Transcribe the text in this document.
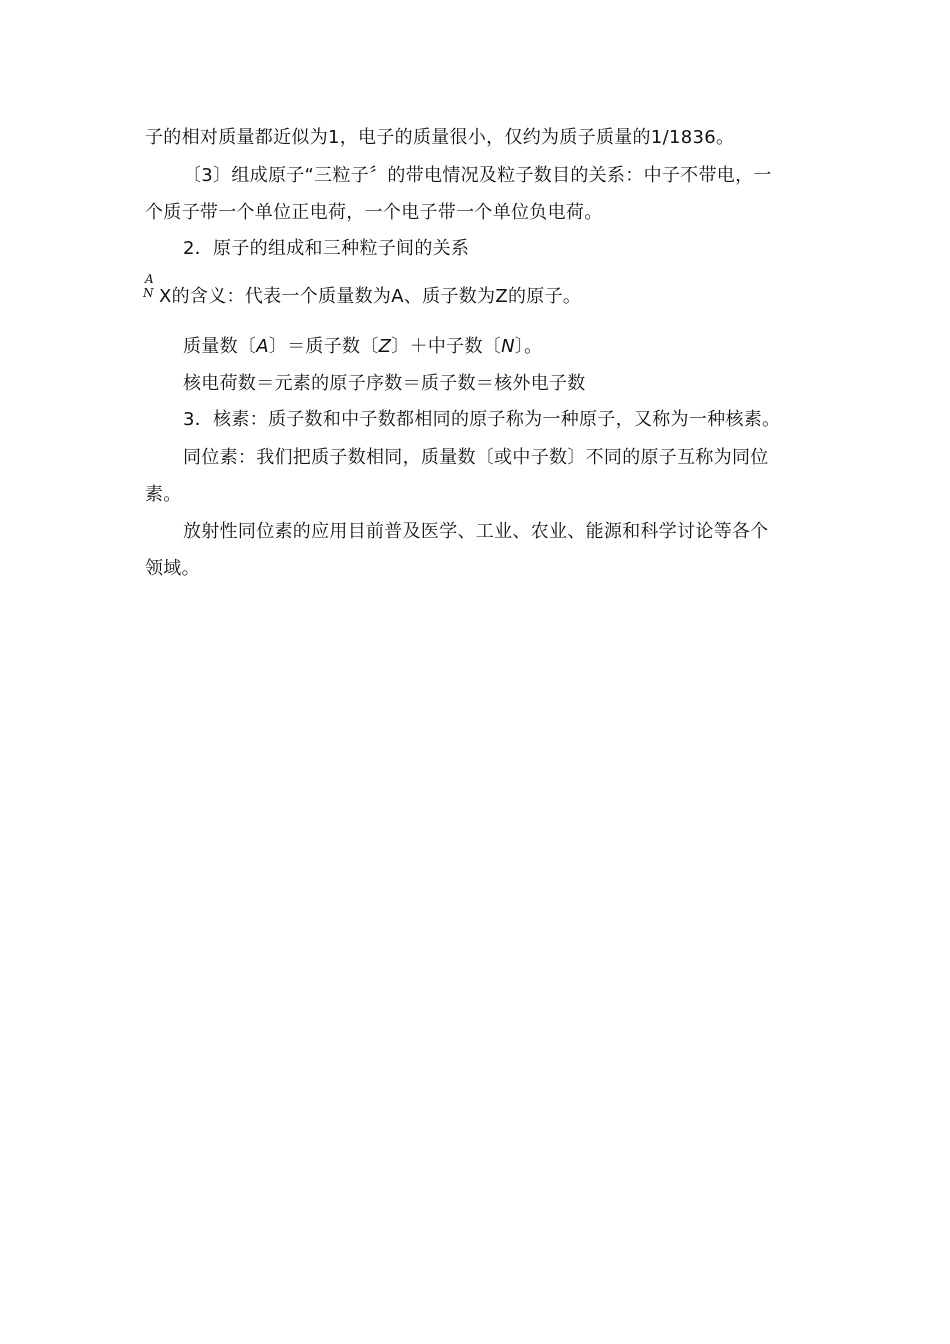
子的相对质量都近似为1，电子的质量很小，仅约为质子质量的1/1836。
〔3〕组成原子“三粒子〞的带电情况及粒子数目的关系：中子不带电，一
个质子带一个单位正电荷，一个电子带一个单位负电荷。
2．原子的组成和三种粒子间的关系
A
N X的含义：代表一个质量数为A、质子数为Z的原子。
质量数〔A〕＝质子数〔Z〕＋中子数〔N〕。
核电荷数＝元素的原子序数＝质子数＝核外电子数
3．核素：质子数和中子数都相同的原子称为一种原子，又称为一种核素。
同位素：我们把质子数相同，质量数〔或中子数〕不同的原子互称为同位
素。
放射性同位素的应用目前普及医学、工业、农业、能源和科学讨论等各个
领域。
